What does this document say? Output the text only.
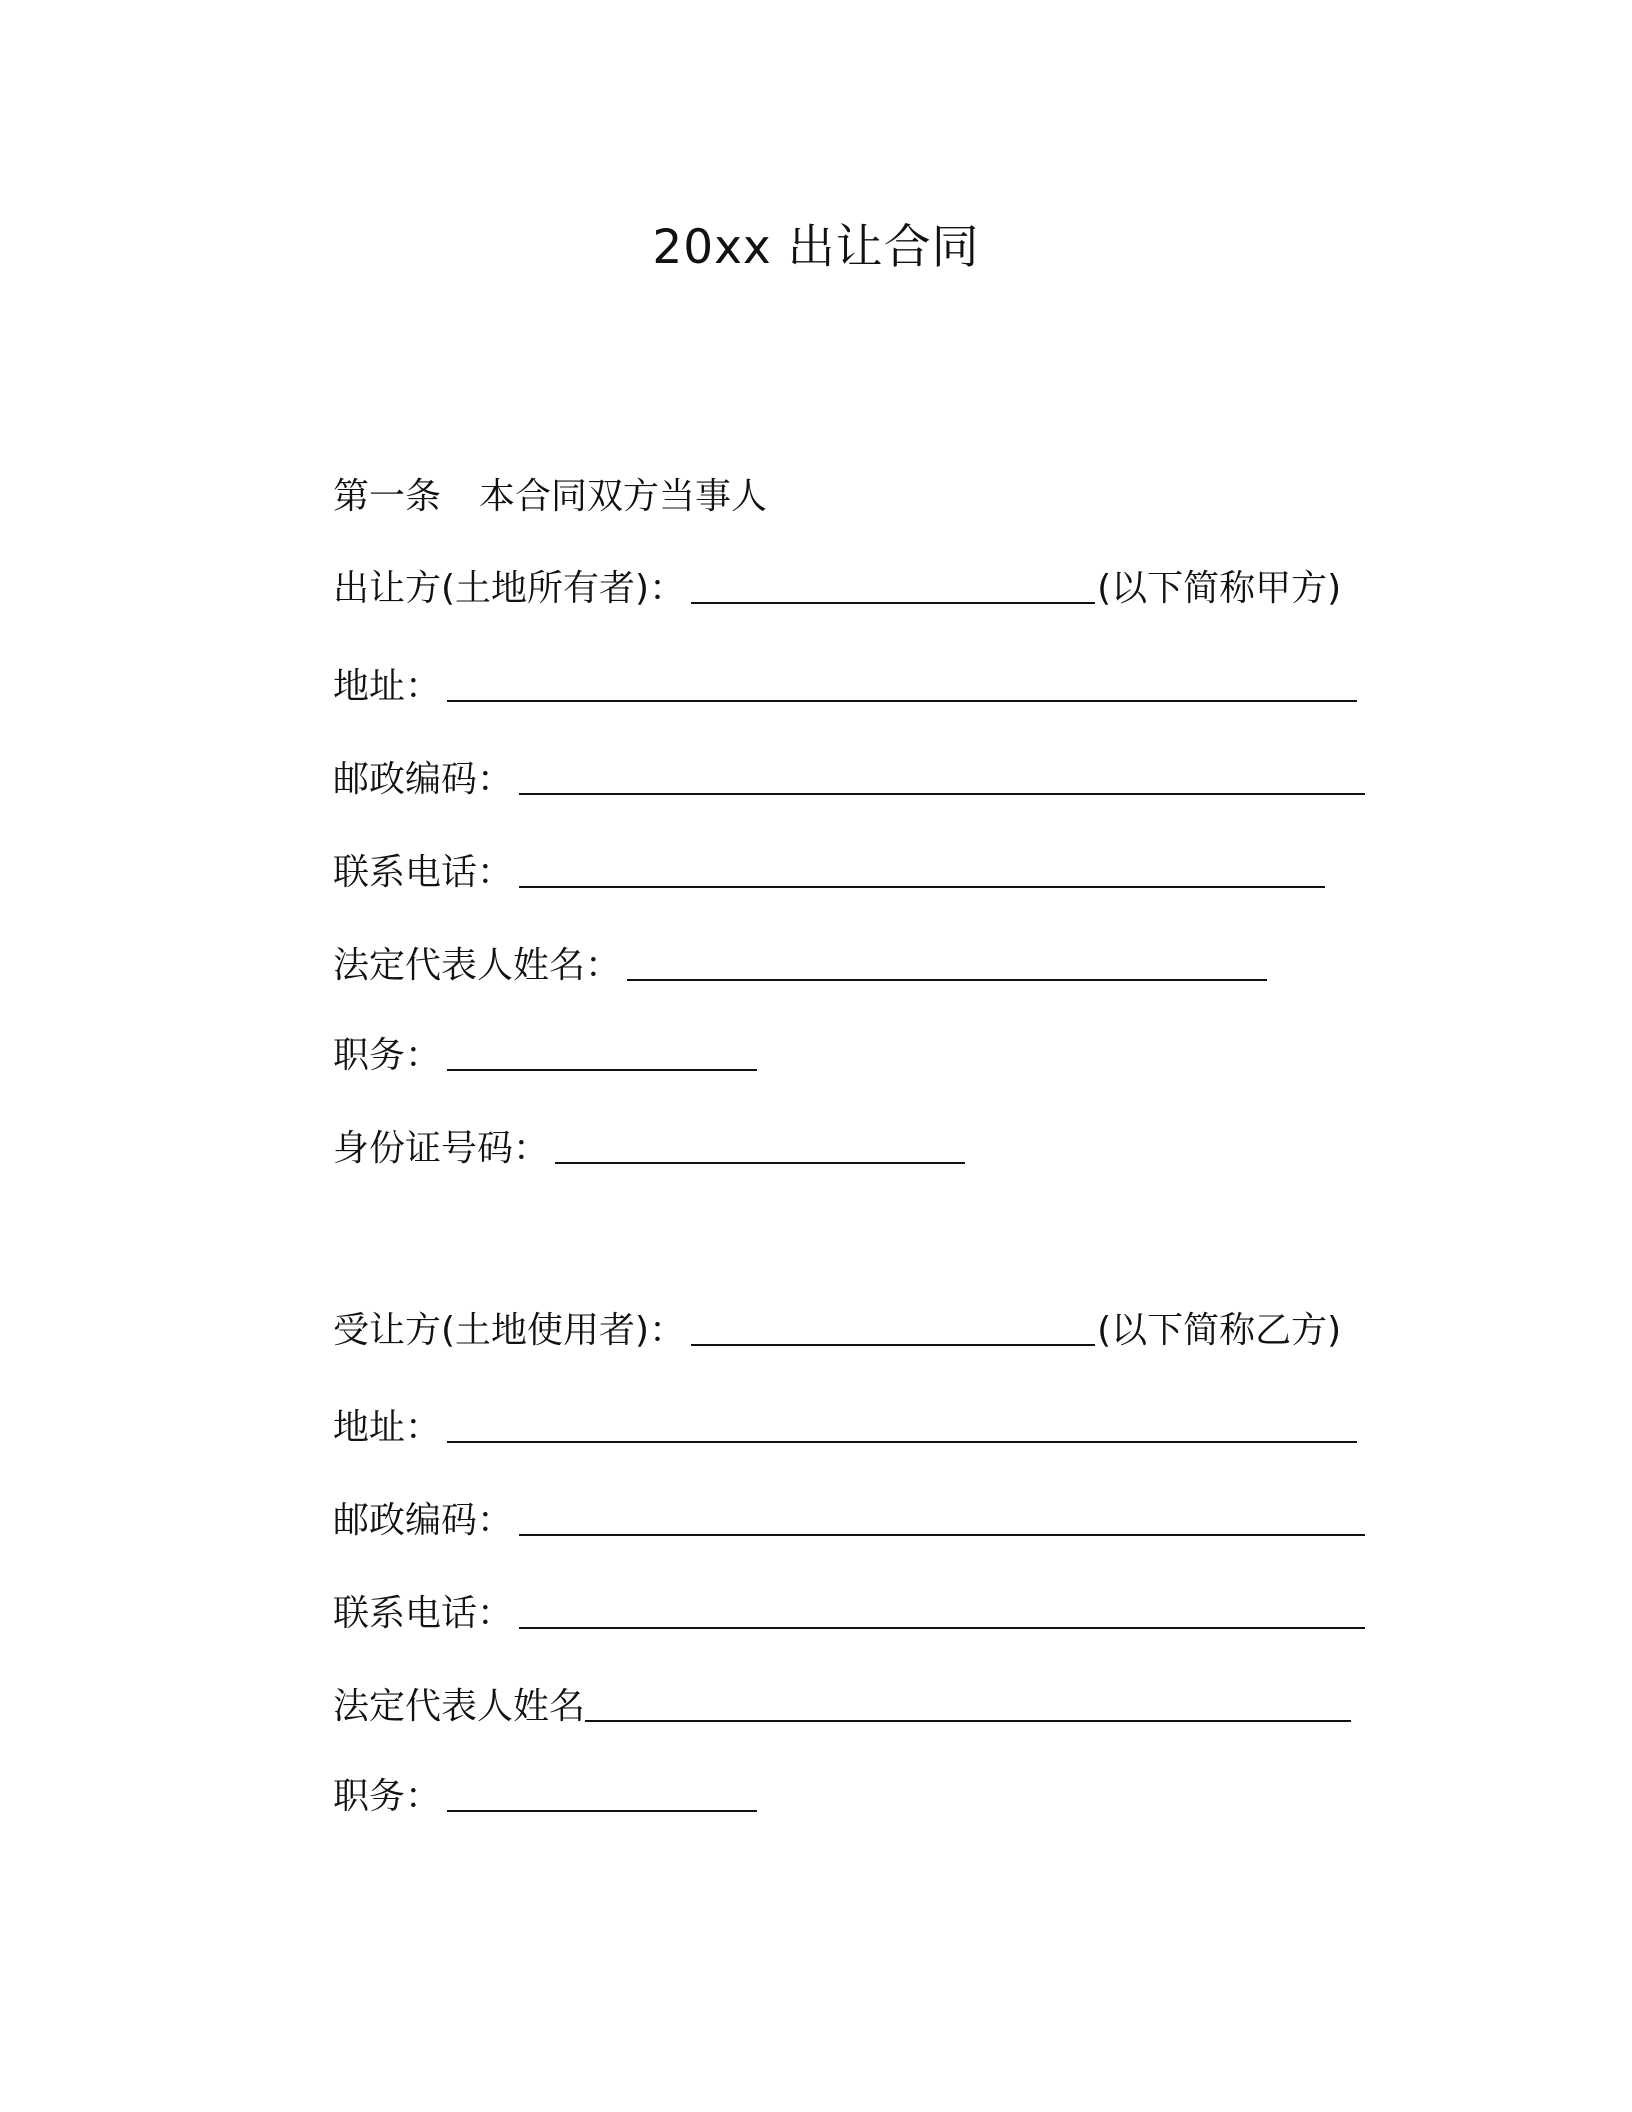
20xx 出让合同
第一条 本合同双方当事人
出让方(土地所有者)：	(以下简称甲方)
地址：
邮政编码：
联系电话：
法定代表人姓名：
职务：
身份证号码：
受让方(土地使用者)：	(以下简称乙方)
地址：
邮政编码：
联系电话：
法定代表人姓名
职务：
